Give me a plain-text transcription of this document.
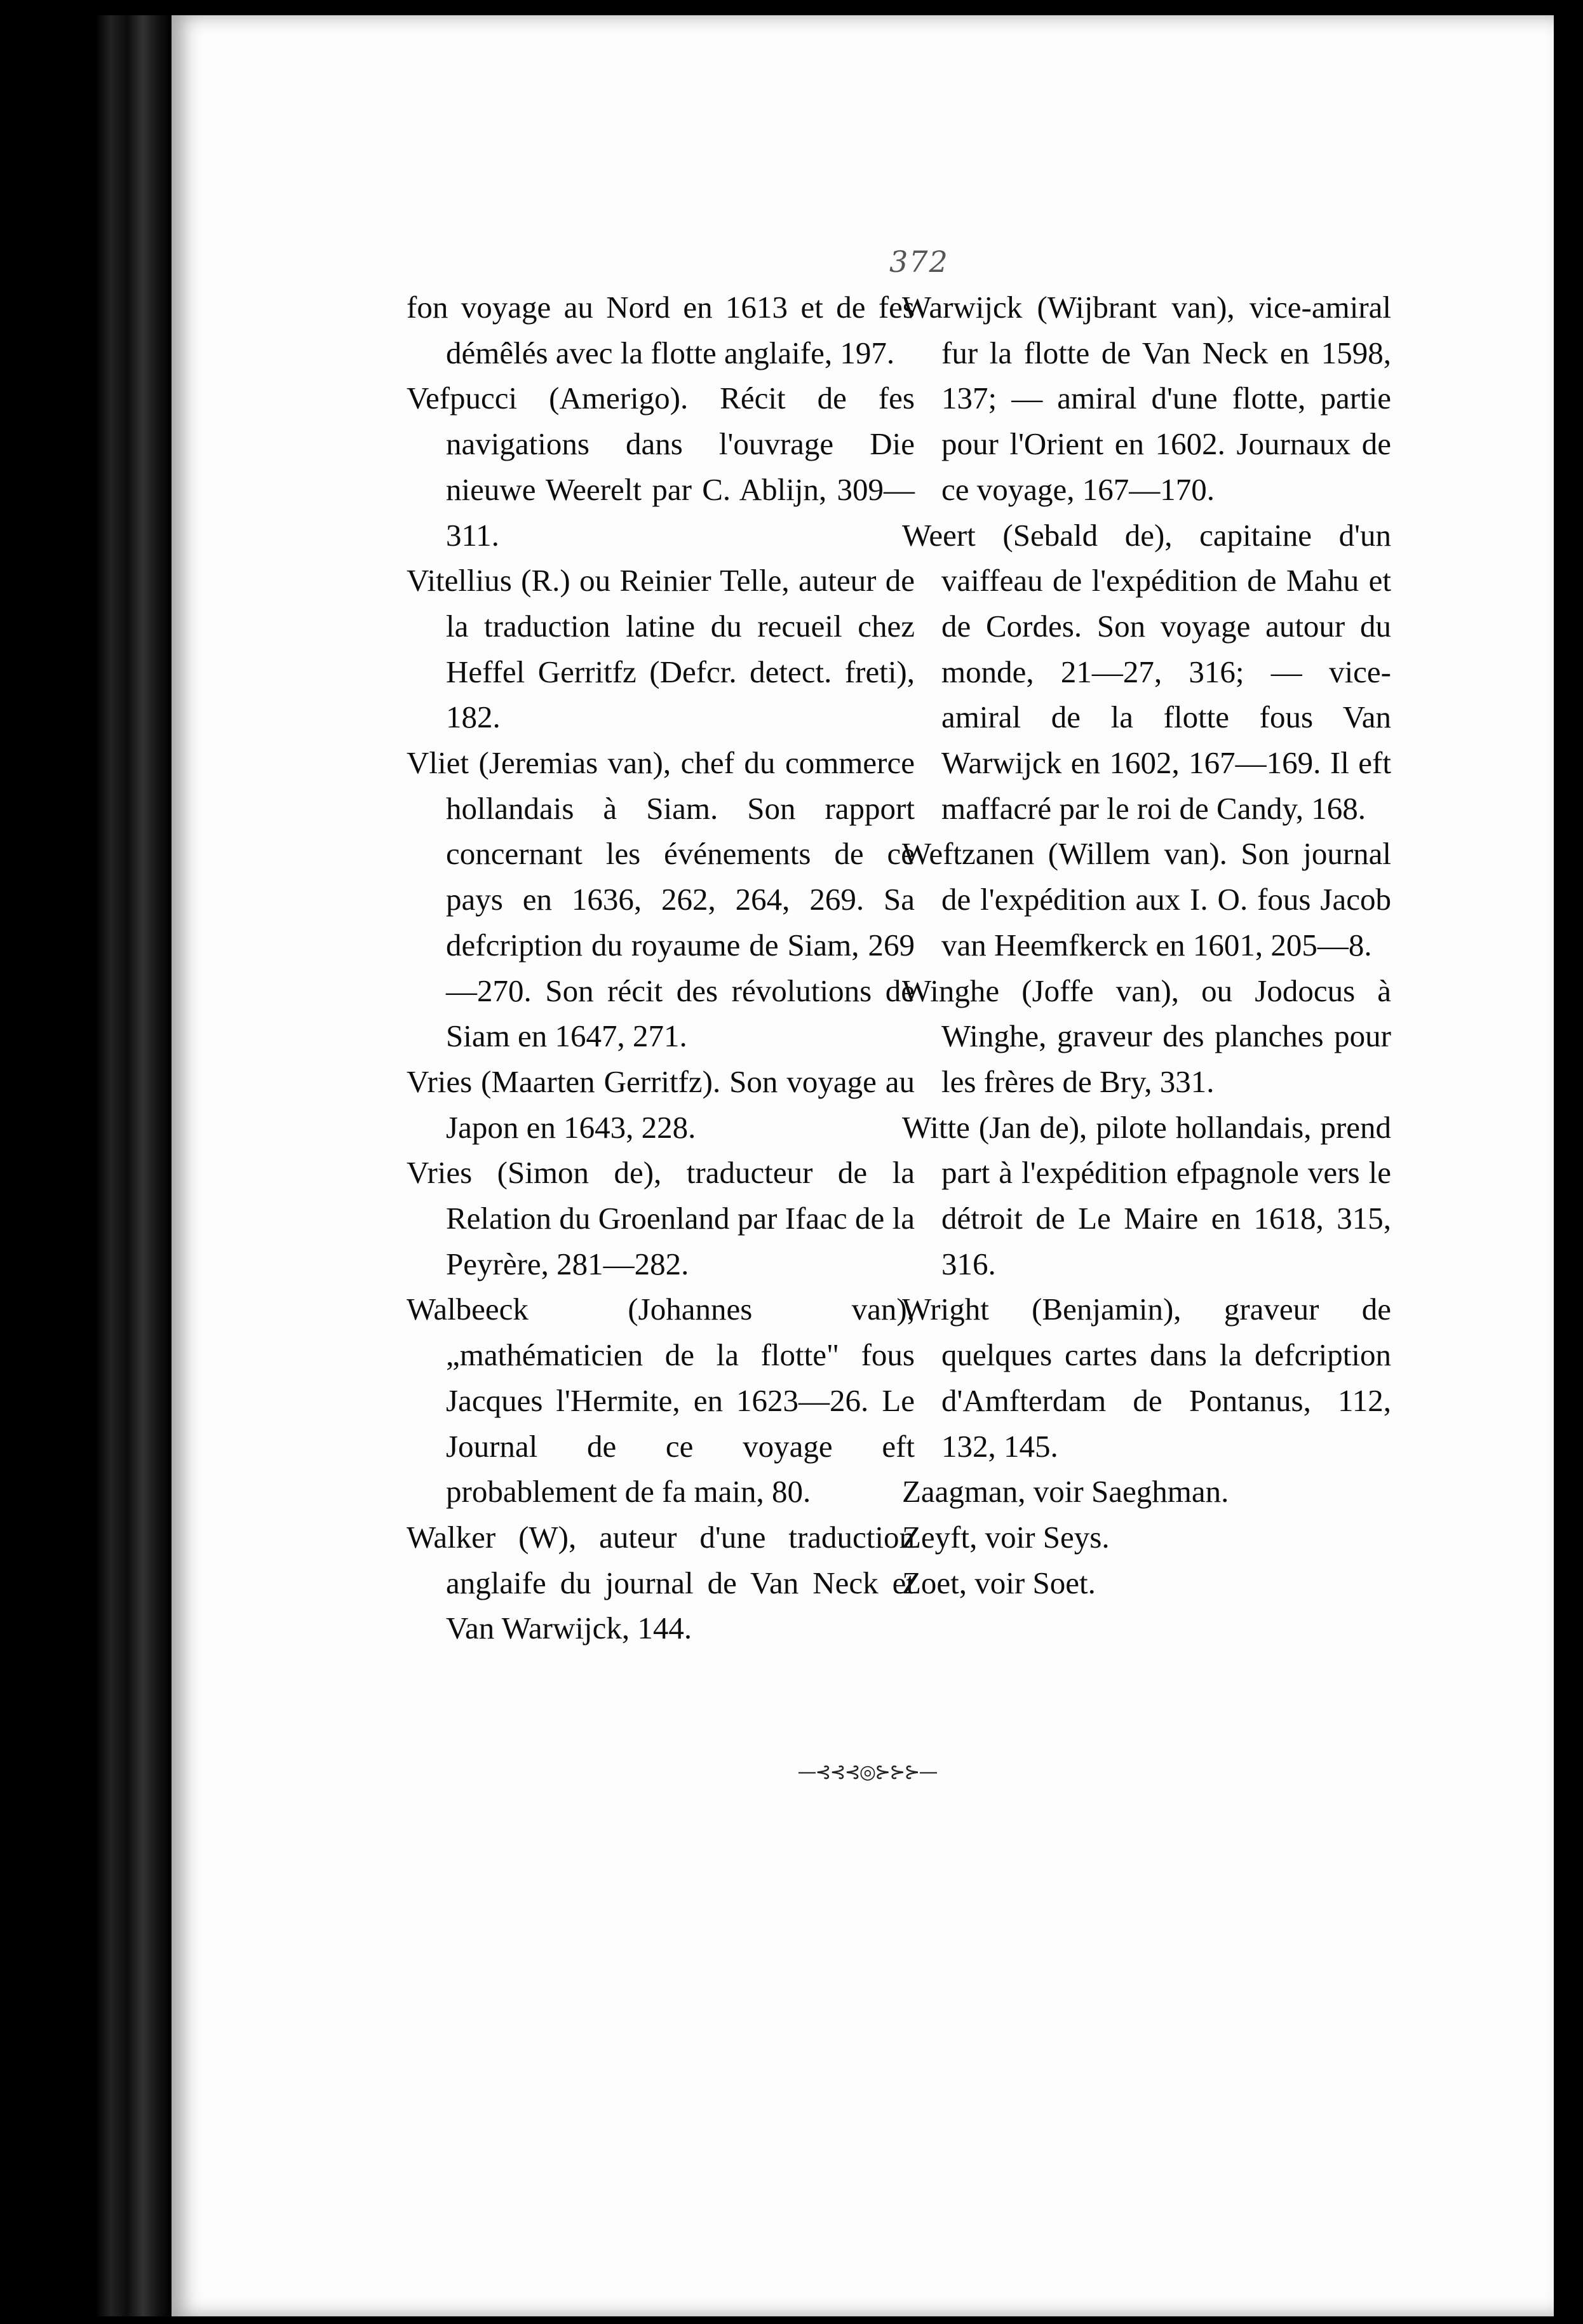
372

fon voyage au Nord en 1613 et de fes démêlés avec la flotte anglaife, 197.

Vefpucci (Amerigo). Récit de fes navigations dans l'ouvrage Die nieuwe Weerelt par C. Ablijn, 309—311.

Vitellius (R.) ou Reinier Telle, auteur de la traduction latine du recueil chez Heffel Gerritfz (Defcr. detect. freti), 182.

Vliet (Jeremias van), chef du commerce hollandais à Siam. Son rapport concernant les événements de ce pays en 1636, 262, 264, 269. Sa defcription du royaume de Siam, 269—270. Son récit des révolutions de Siam en 1647, 271.

Vries (Maarten Gerritfz). Son voyage au Japon en 1643, 228.

Vries (Simon de), traducteur de la Relation du Groenland par Ifaac de la Peyrère, 281—282.

Walbeeck (Johannes van), „mathématicien de la flotte" fous Jacques l'Hermite, en 1623—26. Le Journal de ce voyage eft probablement de fa main, 80.

Walker (W), auteur d'une traduction anglaife du journal de Van Neck et Van Warwijck, 144.

Warwijck (Wijbrant van), vice-amiral fur la flotte de Van Neck en 1598, 137; — amiral d'une flotte, partie pour l'Orient en 1602. Journaux de ce voyage, 167—170.

Weert (Sebald de), capitaine d'un vaiffeau de l'expédition de Mahu et de Cordes. Son voyage autour du monde, 21—27, 316; — vice-amiral de la flotte fous Van Warwijck en 1602, 167—169. Il eft maffacré par le roi de Candy, 168.

Weftzanen (Willem van). Son journal de l'expédition aux I. O. fous Jacob van Heemfkerck en 1601, 205—8.

Winghe (Joffe van), ou Jodocus à Winghe, graveur des planches pour les frères de Bry, 331.

Witte (Jan de), pilote hollandais, prend part à l'expédition efpagnole vers le détroit de Le Maire en 1618, 315, 316.

Wright (Benjamin), graveur de quelques cartes dans la defcription d'Amfterdam de Pontanus, 112, 132, 145.

Zaagman, voir Saeghman.

Zeyft, voir Seys.

Zoet, voir Soet.

—⊰⊰⊰◎⊱⊱⊱—
